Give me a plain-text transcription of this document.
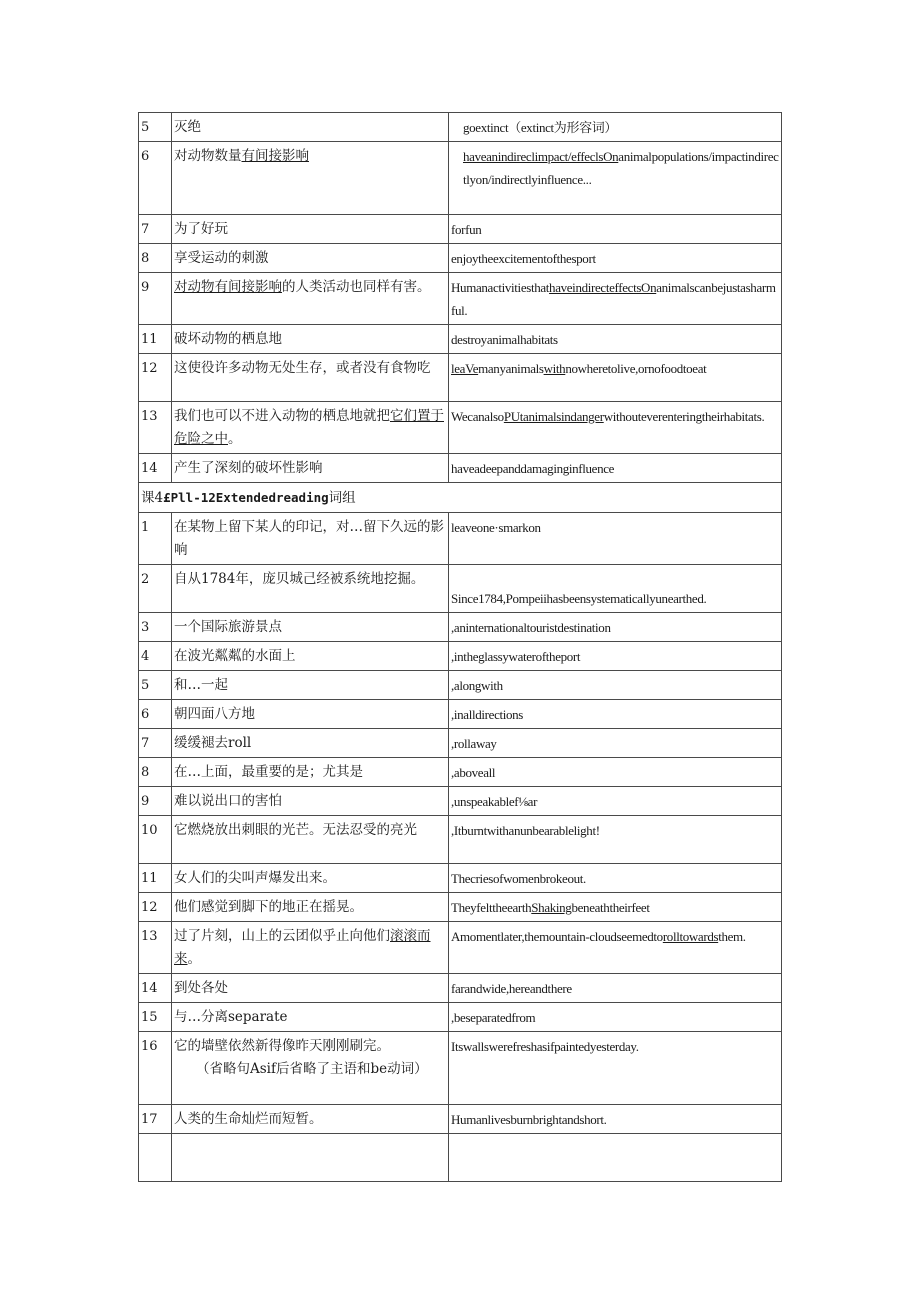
5	灭绝	goextinct（extinct为形容词）
6	对动物数量有间接影响	haveanindireclimpact/effeclsOnanimalpopulations/impactindirectlyon/indirectlyinfluence...
7	为了好玩	forfun
8	享受运动的刺激	enjoytheexcitementofthesport
9	对动物有间接影响的人类活动也同样有害。	HumanactivitiesthathaveindirecteffectsOnanimalscanbejustasharmful.
11	破坏动物的栖息地	destroyanimalhabitats
12	这使役许多动物无处生存，或者没有食物吃	leaVemanyanimalswithnowheretolive,ornofoodtoeat
13	我们也可以不进入动物的栖息地就把它们置于危险之中。	WecanalsoPUtanimalsindangerwithouteverenteringtheirhabitats.
14	产生了深刻的破坏性影响	haveadeepanddamaginginfluence
课4£Pll-12Extendedreading词组		
1	在某物上留下某人的印记，对…留下久远的影响	leaveone·smarkon
2	自从1784年，庞贝城己经被系统地挖掘。	Since1784,Pompeiihasbeensystematicallyunearthed.
3	一个国际旅游景点	,aninternationaltouristdestination
4	在波光粼粼的水面上	,intheglassywateroftheport
5	和…一起	,alongwith
6	朝四面八方地	,inalldirections
7	缓缓褪去roll	,rollaway
8	在…上面，最重要的是；尤其是	,aboveall
9	难以说出口的害怕	,unspeakablef⅛ar
10	它燃烧放出刺眼的光芒。无法忍受的亮光	,Itburntwithanunbearablelight!
11	女人们的尖叫声爆发出来。	Thecriesofwomenbrokeout.
12	他们感觉到脚下的地正在摇晃。	TheyfelttheearthShakingbeneaththeirfeet
13	过了片刻，山上的云团似乎止向他们滚滚而来。	Amomentlater,themountain-cloudseemedtorolltowardsthem.
14	到处各处	farandwide,hereandthere
15	与…分离separate	,beseparatedfrom
16	它的墙壁依然新得像昨天刚刚刷完。
（省略句Asif后省略了主语和be动词）	Itswallswerefreshasifpaintedyesterday.
17	人类的生命灿烂而短暂。	Humanlivesburnbrightandshort.
